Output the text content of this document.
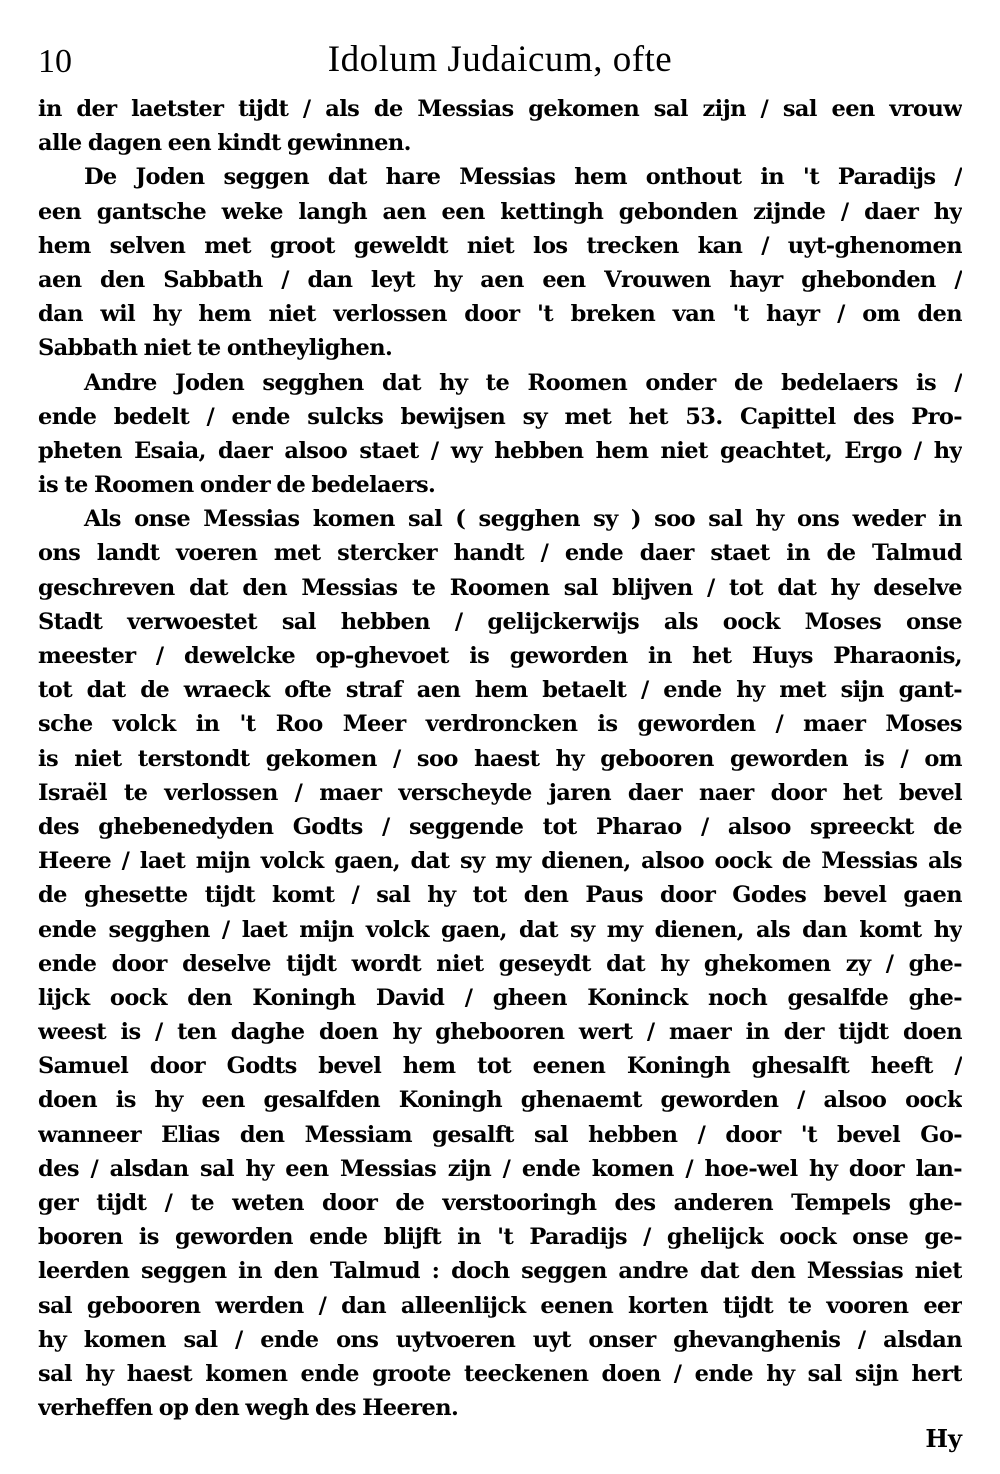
10	Idolum Judaicum, ofte
in der laetster tijdt / als de Messias gekomen sal zijn / sal een vrouw
alle dagen een kindt gewinnen.
De Joden seggen dat hare Messias hem onthout in 't Paradijs /
een gantsche weke langh aen een kettingh gebonden zijnde / daer hy
hem selven met groot geweldt niet los trecken kan / uyt-ghenomen
aen den Sabbath / dan leyt hy aen een Vrouwen hayr ghebonden /
dan wil hy hem niet verlossen door 't breken van 't hayr / om den
Sabbath niet te ontheylighen.
Andre Joden segghen dat hy te Roomen onder de bedelaers is /
ende bedelt / ende sulcks bewijsen sy met het 53. Capittel des Pro-
pheten Esaia, daer alsoo staet / wy hebben hem niet geachtet, Ergo / hy
is te Roomen onder de bedelaers.
Als onse Messias komen sal ( segghen sy ) soo sal hy ons weder in
ons landt voeren met stercker handt / ende daer staet in de Talmud
geschreven dat den Messias te Roomen sal blijven / tot dat hy deselve
Stadt verwoestet sal hebben / gelijckerwijs als oock Moses onse
meester / dewelcke op-ghevoet is geworden in het Huys Pharaonis,
tot dat de wraeck ofte straf aen hem betaelt / ende hy met sijn gant-
sche volck in 't Roo Meer verdroncken is geworden / maer Moses
is niet terstondt gekomen / soo haest hy gebooren geworden is / om
Israël te verlossen / maer verscheyde jaren daer naer door het bevel
des ghebenedyden Godts / seggende tot Pharao / alsoo spreeckt de
Heere / laet mijn volck gaen, dat sy my dienen, alsoo oock de Messias als
de ghesette tijdt komt / sal hy tot den Paus door Godes bevel gaen
ende segghen / laet mijn volck gaen, dat sy my dienen, als dan komt hy
ende door deselve tijdt wordt niet geseydt dat hy ghekomen zy / ghe-
lijck oock den Koningh David / gheen Koninck noch gesalfde ghe-
weest is / ten daghe doen hy ghebooren wert / maer in der tijdt doen
Samuel door Godts bevel hem tot eenen Koningh ghesalft heeft /
doen is hy een gesalfden Koningh ghenaemt geworden / alsoo oock
wanneer Elias den Messiam gesalft sal hebben / door 't bevel Go-
des / alsdan sal hy een Messias zijn / ende komen / hoe-wel hy door lan-
ger tijdt / te weten door de verstooringh des anderen Tempels ghe-
booren is geworden ende blijft in 't Paradijs / ghelijck oock onse ge-
leerden seggen in den Talmud : doch seggen andre dat den Messias niet
sal gebooren werden / dan alleenlijck eenen korten tijdt te vooren eer
hy komen sal / ende ons uytvoeren uyt onser ghevanghenis / alsdan
sal hy haest komen ende groote teeckenen doen / ende hy sal sijn hert
verheffen op den wegh des Heeren.
Hy
